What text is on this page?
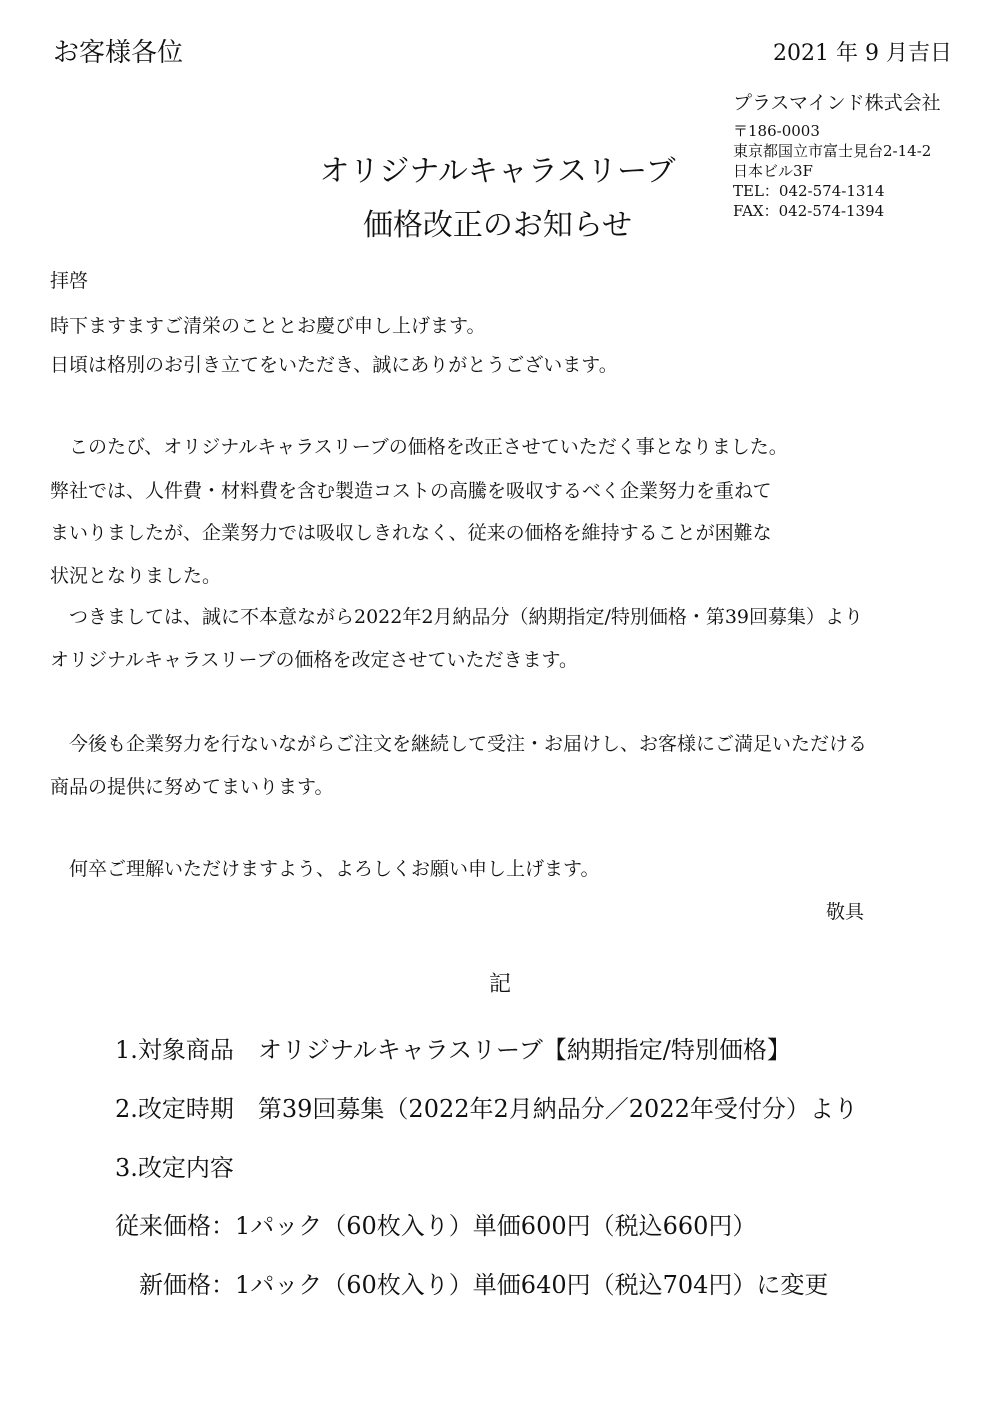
お客様各位	2021 年 9 月吉日
プラスマインド株式会社
〒186-0003
東京都国立市富士見台2-14-2
日本ビル3F
TEL：042-574-1314
FAX：042-574-1394
オリジナルキャラスリーブ
価格改正のお知らせ
拝啓
時下ますますご清栄のこととお慶び申し上げます。
日頃は格別のお引き立てをいただき、誠にありがとうございます。
このたび、オリジナルキャラスリーブの価格を改正させていただく事となりました。
弊社では、人件費・材料費を含む製造コストの高騰を吸収するべく企業努力を重ねて
まいりましたが、企業努力では吸収しきれなく、従来の価格を維持することが困難な
状況となりました。
つきましては、誠に不本意ながら2022年2月納品分（納期指定/特別価格・第39回募集）より
オリジナルキャラスリーブの価格を改定させていただきます。
今後も企業努力を行ないながらご注文を継続して受注・お届けし、お客様にご満足いただける
商品の提供に努めてまいります。
何卒ご理解いただけますよう、よろしくお願い申し上げます。
敬具
記
1.対象商品　オリジナルキャラスリーブ【納期指定/特別価格】
2.改定時期　第39回募集（2022年2月納品分／2022年受付分）より
3.改定内容
従来価格：1パック（60枚入り）単価600円（税込660円）
新価格：1パック（60枚入り）単価640円（税込704円）に変更
